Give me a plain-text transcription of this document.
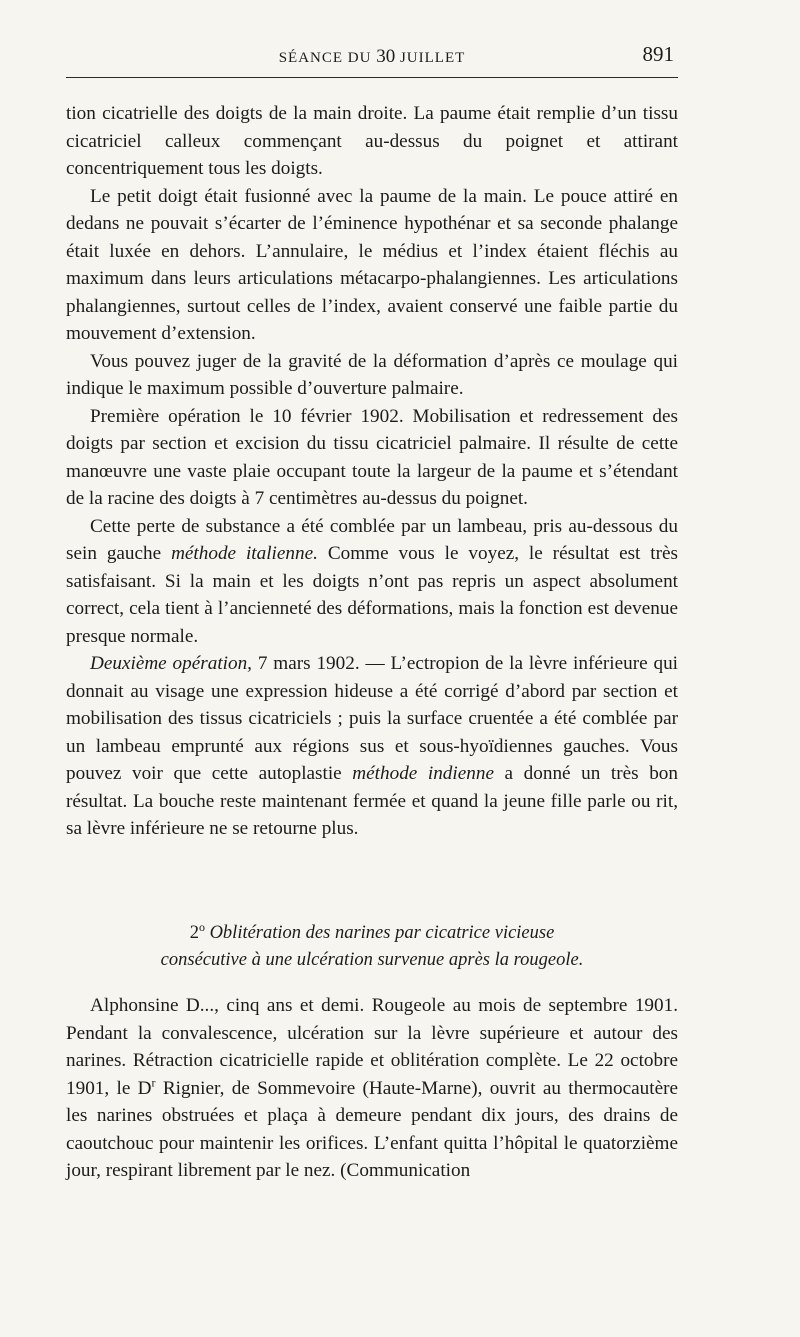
SÉANCE DU 30 JUILLET	891

tion cicatrielle des doigts de la main droite. La paume était remplie d’un tissu cicatriciel calleux commençant au-dessus du poignet et attirant concentriquement tous les doigts.

Le petit doigt était fusionné avec la paume de la main. Le pouce attiré en dedans ne pouvait s’écarter de l’éminence hypothénar et sa seconde phalange était luxée en dehors. L’annulaire, le médius et l’index étaient fléchis au maximum dans leurs articulations métacarpo-phalangiennes. Les articulations phalangiennes, surtout celles de l’index, avaient conservé une faible partie du mouvement d’extension.

Vous pouvez juger de la gravité de la déformation d’après ce moulage qui indique le maximum possible d’ouverture palmaire.

Première opération le 10 février 1902. Mobilisation et redressement des doigts par section et excision du tissu cicatriciel palmaire. Il résulte de cette manœuvre une vaste plaie occupant toute la largeur de la paume et s’étendant de la racine des doigts à 7 centimètres au-dessus du poignet.

Cette perte de substance a été comblée par un lambeau, pris au-dessous du sein gauche méthode italienne. Comme vous le voyez, le résultat est très satisfaisant. Si la main et les doigts n’ont pas repris un aspect absolument correct, cela tient à l’ancienneté des déformations, mais la fonction est devenue presque normale.

Deuxième opération, 7 mars 1902. — L’ectropion de la lèvre inférieure qui donnait au visage une expression hideuse a été corrigé d’abord par section et mobilisation des tissus cicatriciels ; puis la surface cruentée a été comblée par un lambeau emprunté aux régions sus et sous-hyoïdiennes gauches. Vous pouvez voir que cette autoplastie méthode indienne a donné un très bon résultat. La bouche reste maintenant fermée et quand la jeune fille parle ou rit, sa lèvre inférieure ne se retourne plus.

2$^o$ Oblitération des narines par cicatrice vicieuse
consécutive à une ulcération survenue après la rougeole.

Alphonsine D..., cinq ans et demi. Rougeole au mois de septembre 1901. Pendant la convalescence, ulcération sur la lèvre supérieure et autour des narines. Rétraction cicatricielle rapide et oblitération complète. Le 22 octobre 1901, le $D^r$ Rignier, de Sommevoire (Haute-Marne), ouvrit au thermocautère les narines obstruées et plaça à demeure pendant dix jours, des drains de caoutchouc pour maintenir les orifices. L’enfant quitta l’hôpital le quatorzième jour, respirant librement par le nez. (Communication
